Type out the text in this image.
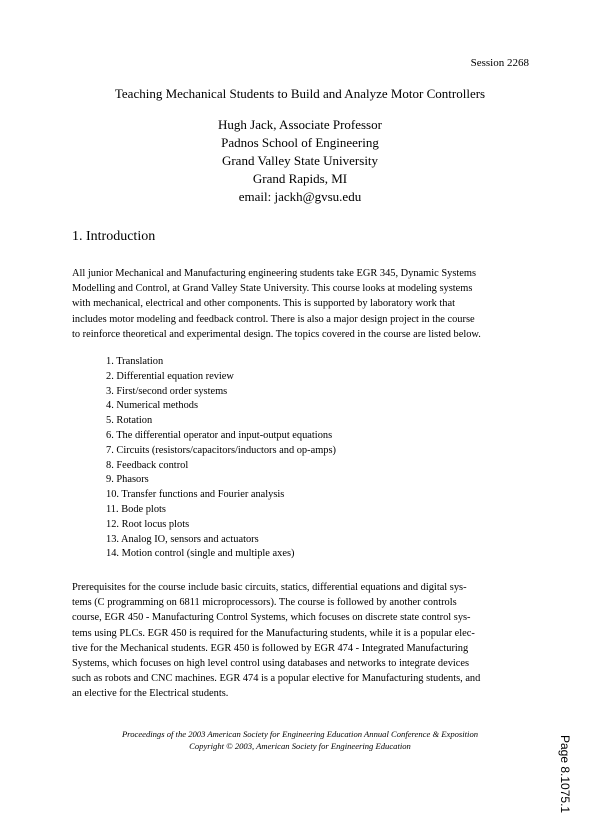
Session 2268
Teaching Mechanical Students to Build and Analyze Motor Controllers
Hugh Jack, Associate Professor
Padnos School of Engineering
Grand Valley State University
Grand Rapids, MI
email: jackh@gvsu.edu
1. Introduction
All junior Mechanical and Manufacturing engineering students take EGR 345, Dynamic Systems
Modelling and Control, at Grand Valley State University. This course looks at modeling systems
with mechanical, electrical and other components. This is supported by laboratory work that
includes motor modeling and feedback control. There is also a major design project in the course
to reinforce theoretical and experimental design. The topics covered in the course are listed below.
1. Translation
2. Differential equation review
3. First/second order systems
4. Numerical methods
5. Rotation
6. The differential operator and input-output equations
7. Circuits (resistors/capacitors/inductors and op-amps)
8. Feedback control
9. Phasors
10. Transfer functions and Fourier analysis
11. Bode plots
12. Root locus plots
13. Analog IO, sensors and actuators
14. Motion control (single and multiple axes)
Prerequisites for the course include basic circuits, statics, differential equations and digital sys-
tems (C programming on 6811 microprocessors). The course is followed by another controls
course, EGR 450 - Manufacturing Control Systems, which focuses on discrete state control sys-
tems using PLCs. EGR 450 is required for the Manufacturing students, while it is a popular elec-
tive for the Mechanical students. EGR 450 is followed by EGR 474 - Integrated Manufacturing
Systems, which focuses on high level control using databases and networks to integrate devices
such as robots and CNC machines. EGR 474 is a popular elective for Manufacturing students, and
an elective for the Electrical students.
Proceedings of the 2003 American Society for Engineering Education Annual Conference & Exposition
Copyright © 2003, American Society for Engineering Education	Page 8.1075.1
